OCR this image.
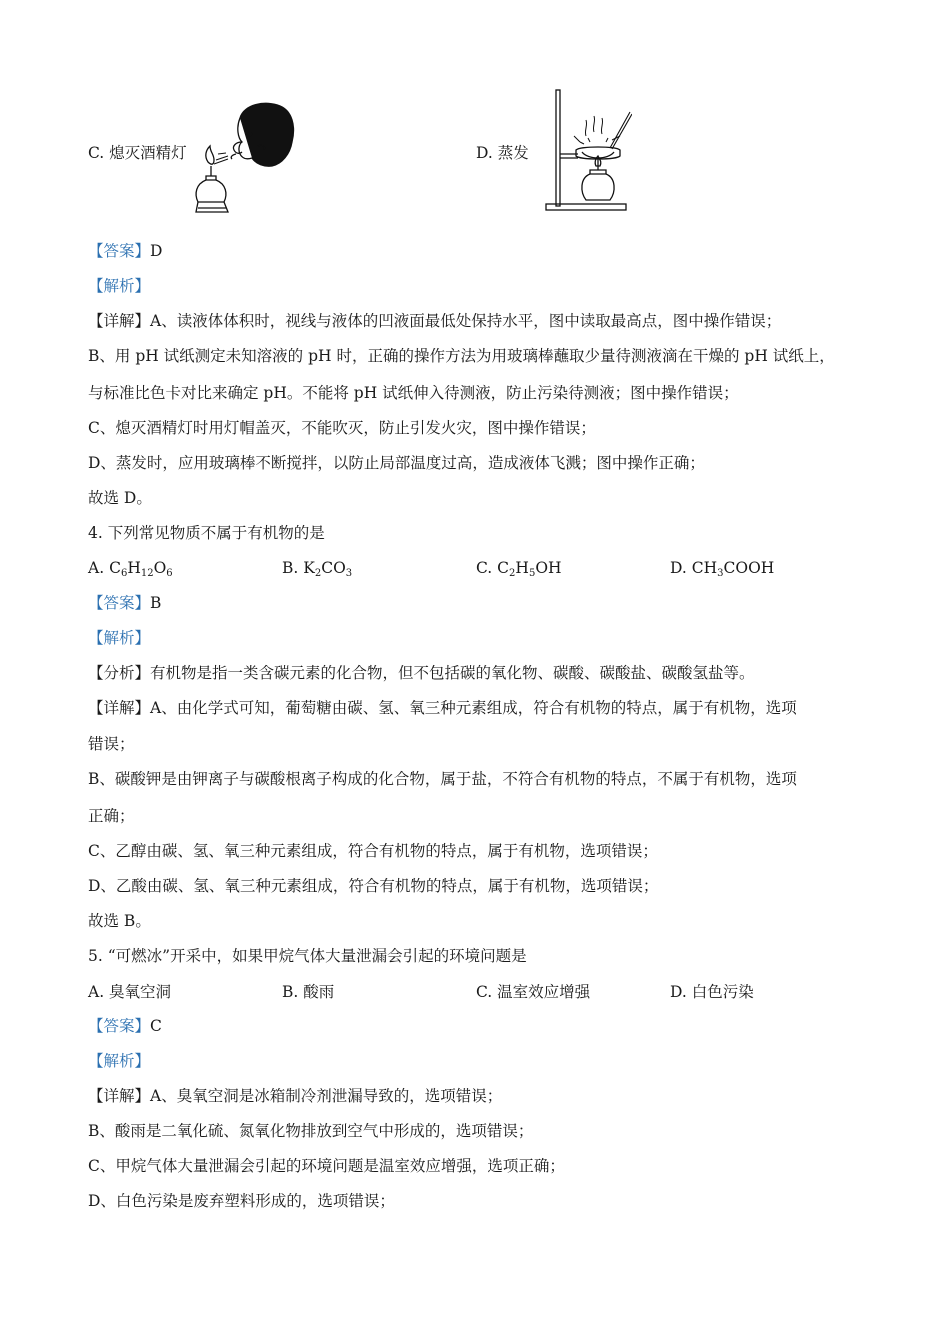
C. 熄灭酒精灯	D. 蒸发
【答案】D
【解析】
【详解】A、读液体体积时，视线与液体的凹液面最低处保持水平，图中读取最高点，图中操作错误；
B、用 pH 试纸测定未知溶液的 pH 时，正确的操作方法为用玻璃棒蘸取少量待测液滴在干燥的 pH 试纸上，
与标准比色卡对比来确定 pH。不能将 pH 试纸伸入待测液，防止污染待测液；图中操作错误；
C、熄灭酒精灯时用灯帽盖灭，不能吹灭，防止引发火灾，图中操作错误；
D、蒸发时，应用玻璃棒不断搅拌，以防止局部温度过高，造成液体飞溅；图中操作正确；
故选 D。
4. 下列常见物质不属于有机物的是
A. $C_6H_{12}O_6$	B. $K_2CO_3$	C. $C_2H_5OH$	D. $CH_3COOH$
【答案】B
【解析】
【分析】有机物是指一类含碳元素的化合物，但不包括碳的氧化物、碳酸、碳酸盐、碳酸氢盐等。
【详解】A、由化学式可知，葡萄糖由碳、氢、氧三种元素组成，符合有机物的特点，属于有机物，选项
错误；
B、碳酸钾是由钾离子与碳酸根离子构成的化合物，属于盐，不符合有机物的特点，不属于有机物，选项
正确；
C、乙醇由碳、氢、氧三种元素组成，符合有机物的特点，属于有机物，选项错误；
D、乙酸由碳、氢、氧三种元素组成，符合有机物的特点，属于有机物，选项错误；
故选 B。
5. “可燃冰”开采中，如果甲烷气体大量泄漏会引起的环境问题是
A. 臭氧空洞	B. 酸雨	C. 温室效应增强	D. 白色污染
【答案】C
【解析】
【详解】A、臭氧空洞是冰箱制冷剂泄漏导致的，选项错误；
B、酸雨是二氧化硫、氮氧化物排放到空气中形成的，选项错误；
C、甲烷气体大量泄漏会引起的环境问题是温室效应增强，选项正确；
D、白色污染是废弃塑料形成的，选项错误；
